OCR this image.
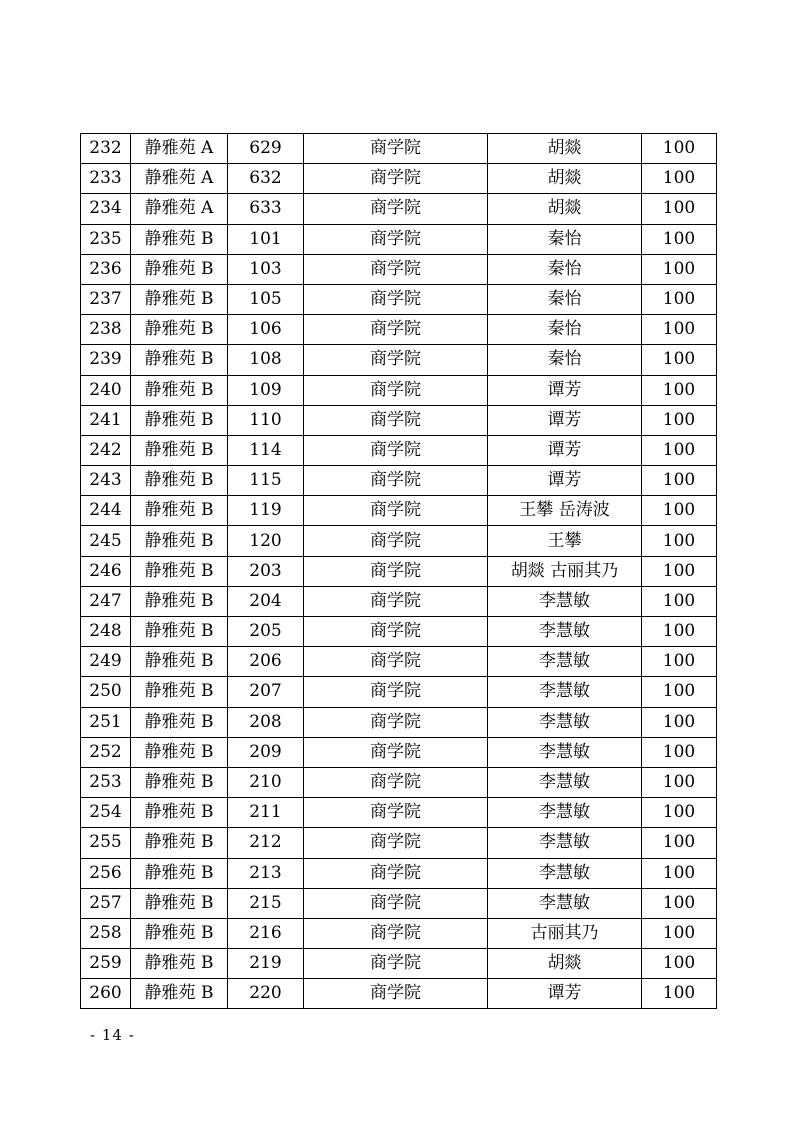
232	静雅苑 A	629	商学院	胡燚	100
233	静雅苑 A	632	商学院	胡燚	100
234	静雅苑 A	633	商学院	胡燚	100
235	静雅苑 B	101	商学院	秦怡	100
236	静雅苑 B	103	商学院	秦怡	100
237	静雅苑 B	105	商学院	秦怡	100
238	静雅苑 B	106	商学院	秦怡	100
239	静雅苑 B	108	商学院	秦怡	100
240	静雅苑 B	109	商学院	谭芳	100
241	静雅苑 B	110	商学院	谭芳	100
242	静雅苑 B	114	商学院	谭芳	100
243	静雅苑 B	115	商学院	谭芳	100
244	静雅苑 B	119	商学院	王攀 岳涛波	100
245	静雅苑 B	120	商学院	王攀	100
246	静雅苑 B	203	商学院	胡燚 古丽其乃	100
247	静雅苑 B	204	商学院	李慧敏	100
248	静雅苑 B	205	商学院	李慧敏	100
249	静雅苑 B	206	商学院	李慧敏	100
250	静雅苑 B	207	商学院	李慧敏	100
251	静雅苑 B	208	商学院	李慧敏	100
252	静雅苑 B	209	商学院	李慧敏	100
253	静雅苑 B	210	商学院	李慧敏	100
254	静雅苑 B	211	商学院	李慧敏	100
255	静雅苑 B	212	商学院	李慧敏	100
256	静雅苑 B	213	商学院	李慧敏	100
257	静雅苑 B	215	商学院	李慧敏	100
258	静雅苑 B	216	商学院	古丽其乃	100
259	静雅苑 B	219	商学院	胡燚	100
260	静雅苑 B	220	商学院	谭芳	100
- 14 -
